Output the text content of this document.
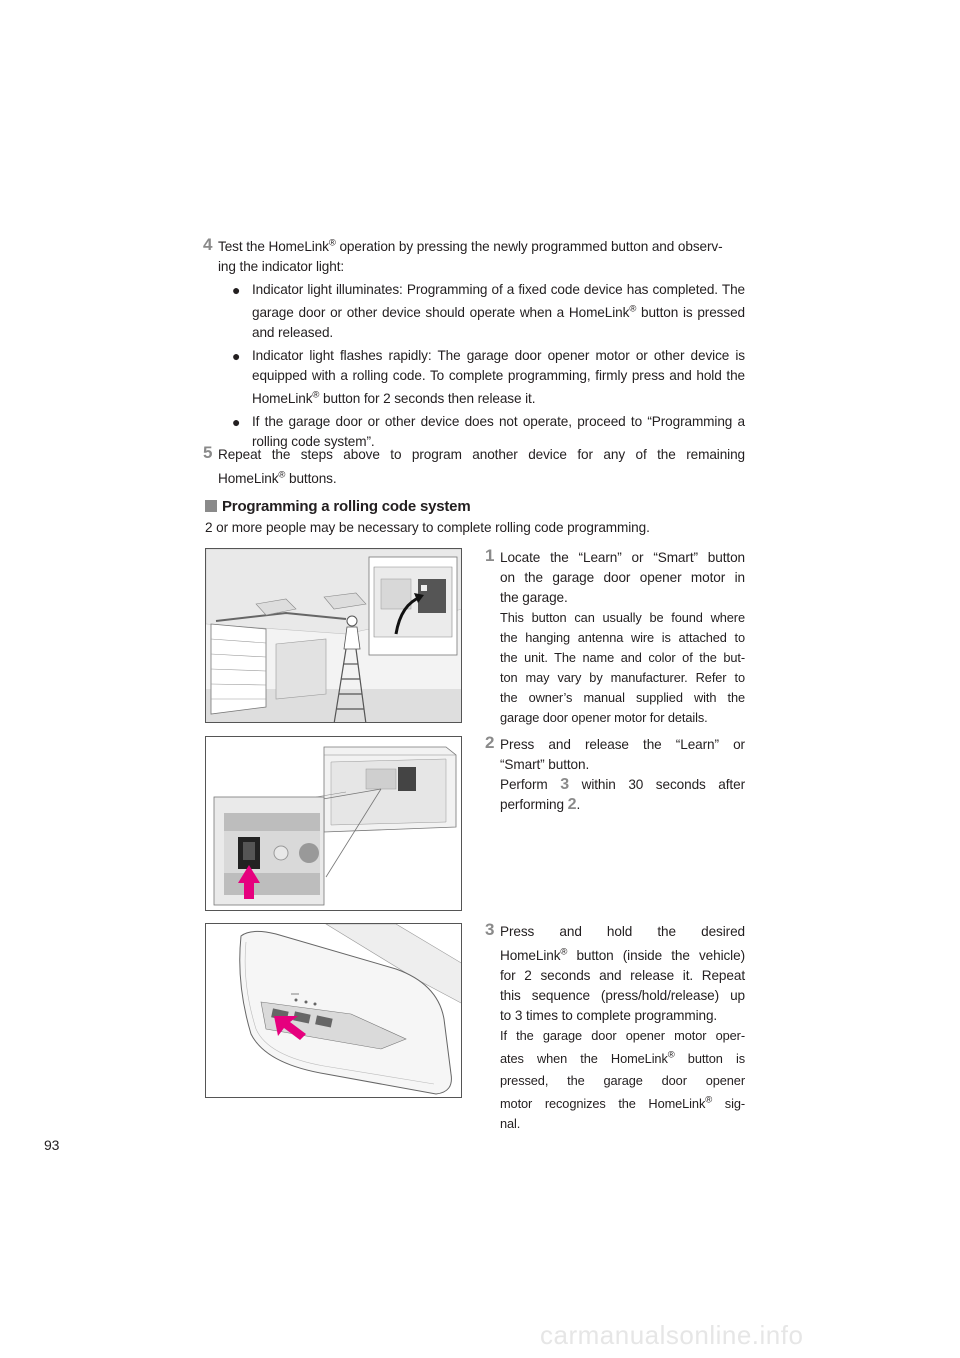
93
4 Test the HomeLink® operation by pressing the newly programmed button and observ-
ing the indicator light:
● Indicator light illuminates: Programming of a fixed code device has completed. The
garage door or other device should operate when a HomeLink® button is pressed
and released.
● Indicator light flashes rapidly: The garage door opener motor or other device is
equipped with a rolling code. To complete programming, firmly press and hold the
HomeLink® button for 2 seconds then release it.
● If the garage door or other device does not operate, proceed to “Programming a
rolling code system”.
5 Repeat the steps above to program another device for any of the remaining
HomeLink® buttons.
Programming a rolling code system
2 or more people may be necessary to complete rolling code programming.
1 Locate the “Learn” or “Smart” button
on the garage door opener motor in
the garage.
This button can usually be found where
the hanging antenna wire is attached to
the unit. The name and color of the but-
ton may vary by manufacturer. Refer to
the owner’s manual supplied with the
garage door opener motor for details.
2 Press and release the “Learn” or
“Smart” button.
Perform 3 within 30 seconds after
performing 2.
3 Press and hold the desired
HomeLink® button (inside the vehicle)
for 2 seconds and release it. Repeat
this sequence (press/hold/release) up
to 3 times to complete programming.
If the garage door opener motor oper-
ates when the HomeLink® button is
pressed, the garage door opener
motor recognizes the HomeLink® sig-
nal.
carmanualsonline.info
